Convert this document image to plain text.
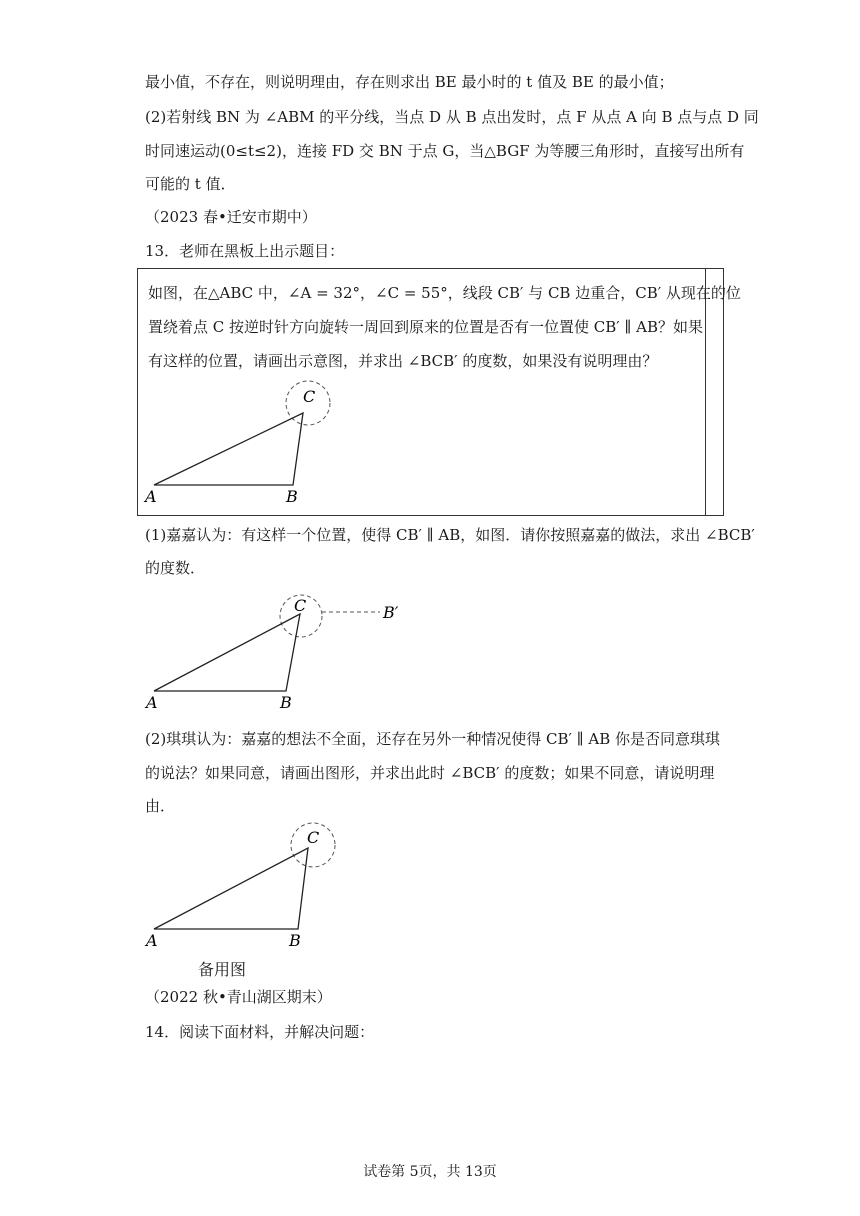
最小值，不存在，则说明理由，存在则求出 BE 最小时的 t 值及 BE 的最小值；
(2)若射线 BN 为 ∠ABM 的平分线，当点 D 从 B 点出发时，点 F 从点 A 向 B 点与点 D 同
时同速运动(0≤t≤2)，连接 FD 交 BN 于点 G，当△BGF 为等腰三角形时，直接写出所有
可能的 t 值．
（2023 春•迁安市期中）
13．老师在黑板上出示题目：
如图，在△ABC 中，∠A = 32°，∠C = 55°，线段 CB′ 与 CB 边重合，CB′ 从现在的位
置绕着点 C 按逆时针方向旋转一周回到原来的位置是否有一位置使 CB′ ∥ AB？如果
有这样的位置，请画出示意图，并求出 ∠BCB′ 的度数，如果没有说明理由？
A	B
C
(1)嘉嘉认为：有这样一个位置，使得 CB′ ∥ AB，如图．请你按照嘉嘉的做法，求出 ∠BCB′
的度数．
A	B
C	B′
(2)琪琪认为：嘉嘉的想法不全面，还存在另外一种情况使得 CB′ ∥ AB 你是否同意琪琪
的说法？如果同意，请画出图形，并求出此时 ∠BCB′ 的度数；如果不同意，请说明理
由．
A	B
C
备用图
（2022 秋•青山湖区期末）
14．阅读下面材料，并解决问题：
试卷第 5页，共 13页
